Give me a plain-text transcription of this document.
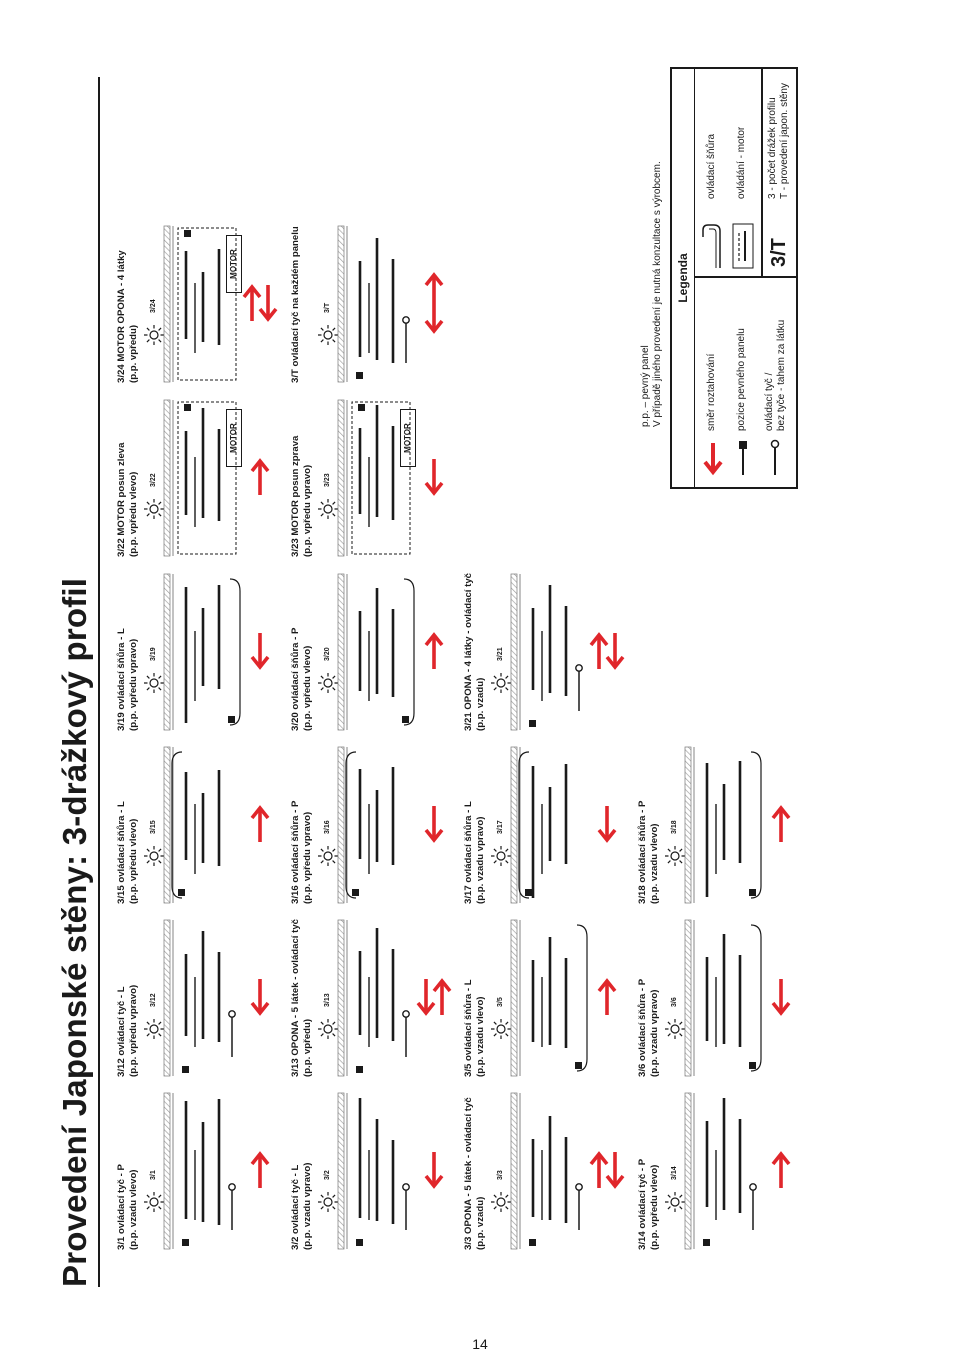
Provedení Japonské stěny: 3-drážkový profil 3/1 ovládací tyč - P (p.p. vzadu vlevo) 3/1	3/2 ovládací tyč - L (p.p. vzadu vpravo) 3/2	3/3 OPONA - 5 látek - ovládací tyč (p.p. vzadu)
3/3	3/14 ovládací tyč - P (p.p. vpředu vlevo) 3/14
3/12 ovládací tyč - L (p.p. vpředu vpravo) 3/12	3/13 OPONA - 5 látek - ovládací tyč (p.p. vpředu)
3/13	3/5 ovládací šňůra - L (p.p. vzadu vlevo) 3/5	3/6 ovládací šňůra - P (p.p. vzadu vpravo) 3/6
3/15 ovládací šňůra - L (p.p. vpředu vlevo) 3/15	3/16 ovládací šňůra - P (p.p. vpředu vpravo) 3/16	3/17 ovládací šňůra - L (p.p. vzadu vpravo) 3/17	3/18 ovládací šňůra - P (p.p. vzadu vlevo) 3/18
3/19 ovládací šňůra - L (p.p. vpředu vpravo) 3/19	3/20 ovládací šňůra - P (p.p. vpředu vlevo) 3/20	3/21 OPONA - 4 látky - ovládací tyč (p.p. vzadu)
3/21
3/22 MOTOR posun zleva (p.p. vpředu vlevo) 3/22
MOTOR	3/23 MOTOR posun zprava (p.p. vpředu vpravo) 3/23
MOTOR
3/24 MOTOR OPONA - 4 látky (p.p. vpředu)
3/24
MOTOR	3/T ovládací tyč na každém panelu	3/T
p.p. – pevný panel V případě jiného provedení je nutná konzultace s výrobcem.	Legenda
směr roztahování pozice pevného panelu ovládací tyč / bez tyče - tahem za látku
ovládací šňůra ovládání - motor
3/T
3 - počet drážek profilu T - provedení japon. stěny
14
